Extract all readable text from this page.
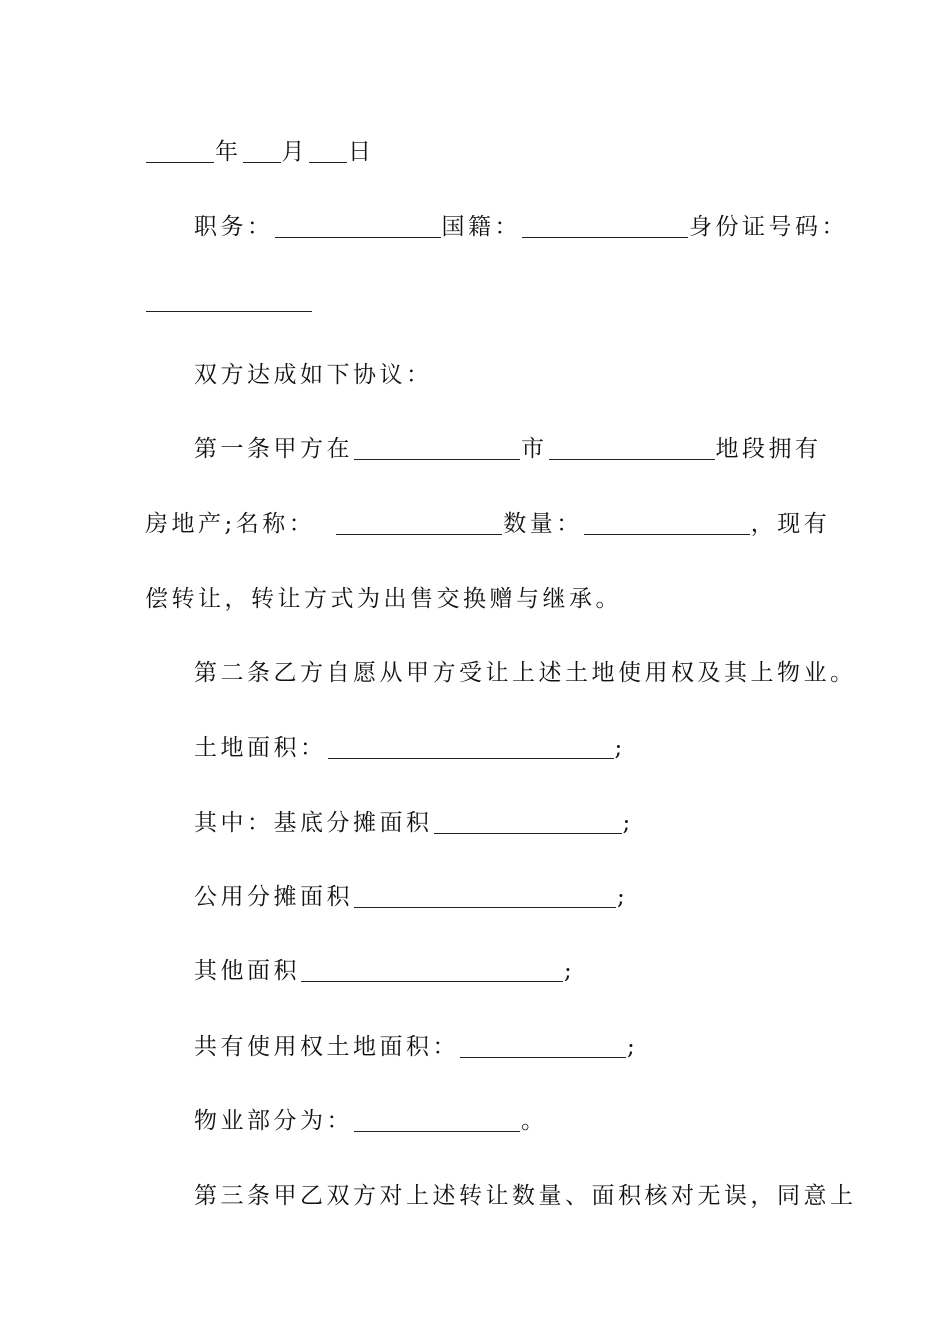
年 月 日
职务：	国籍：	身份证号码：
双方达成如下协议：
第一条甲方在	市	地段拥有
房地产;名称：	数量：	，现有
偿转让，转让方式为出售交换赠与继承。
第二条乙方自愿从甲方受让上述土地使用权及其上物业。
土地面积：	;
其中：基底分摊面积	;
公用分摊面积	;
其他面积	;
共有使用权土地面积：	;
物业部分为：	。
第三条甲乙双方对上述转让数量、面积核对无误，同意上
